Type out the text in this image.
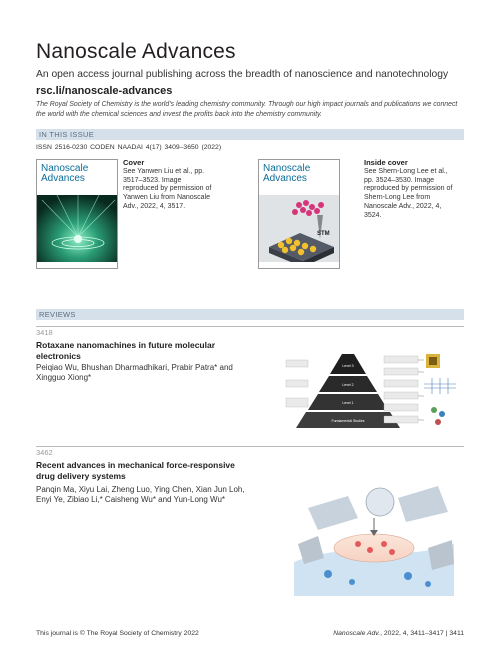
Nanoscale Advances
An open access journal publishing across the breadth of nanoscience and nanotechnology
rsc.li/nanoscale-advances
The Royal Society of Chemistry is the world's leading chemistry community. Through our high impact journals and publications we connect the world with the chemical sciences and invest the profits back into the chemistry community.
IN THIS ISSUE
ISSN 2516-0230 CODEN NAADAI 4(17) 3409–3650 (2022)
Nanoscale
Advances
Cover
See Yanwen Liu et al., pp. 3517–3523. Image reproduced by permission of Yanwen Liu from Nanoscale Adv., 2022, 4, 3517.
Nanoscale
Advances
STM
Inside cover
See Shern-Long Lee et al., pp. 3524–3530. Image reproduced by permission of Shern-Long Lee from Nanoscale Adv., 2022, 4, 3524.
REVIEWS
3418
Rotaxane nanomachines in future molecular electronics
Peiqiao Wu, Bhushan Dharmadhikari, Prabir Patra* and Xingguo Xiong*
Level 3
Level 2
Level 1
Fundamental Studies
3462
Recent advances in mechanical force-responsive drug delivery systems
Panqin Ma, Xiyu Lai, Zheng Luo, Ying Chen, Xian Jun Loh, Enyi Ye, Zibiao Li,* Caisheng Wu* and Yun-Long Wu*
This journal is © The Royal Society of Chemistry 2022	Nanoscale Adv., 2022, 4, 3411–3417 | 3411
